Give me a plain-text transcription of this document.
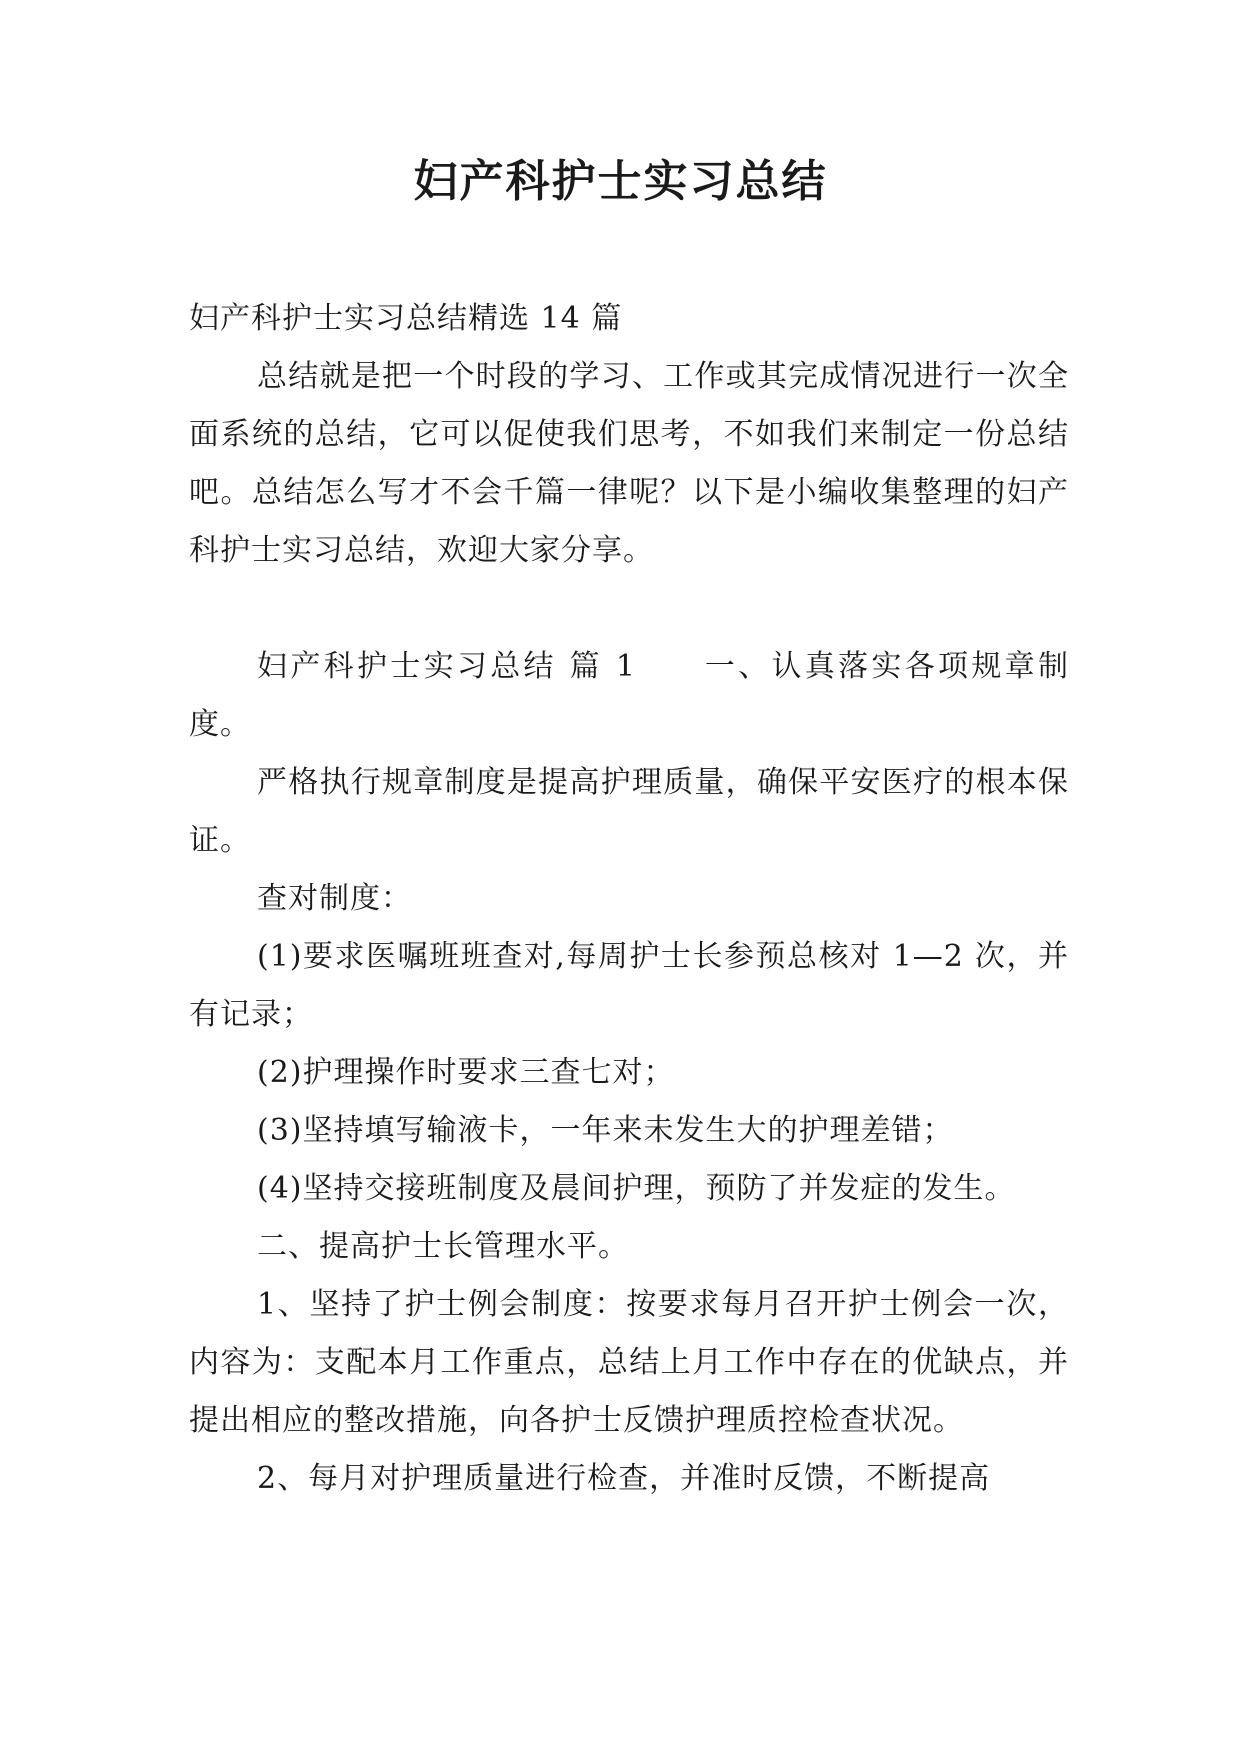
妇产科护士实习总结

妇产科护士实习总结精选 14 篇

总结就是把一个时段的学习、工作或其完成情况进行一次全面系统的总结，它可以促使我们思考，不如我们来制定一份总结吧。总结怎么写才不会千篇一律呢？以下是小编收集整理的妇产科护士实习总结，欢迎大家分享。

妇产科护士实习总结 篇 1　　一、认真落实各项规章制度。

严格执行规章制度是提高护理质量，确保平安医疗的根本保证。

查对制度：

(1)要求医嘱班班查对,每周护士长参预总核对 1—2 次，并有记录；

(2)护理操作时要求三查七对；

(3)坚持填写输液卡，一年来未发生大的护理差错；

(4)坚持交接班制度及晨间护理，预防了并发症的发生。

二、提高护士长管理水平。

1、坚持了护士例会制度：按要求每月召开护士例会一次，内容为：支配本月工作重点，总结上月工作中存在的优缺点，并提出相应的整改措施，向各护士反馈护理质控检查状况。

2、每月对护理质量进行检查，并准时反馈，不断提高
